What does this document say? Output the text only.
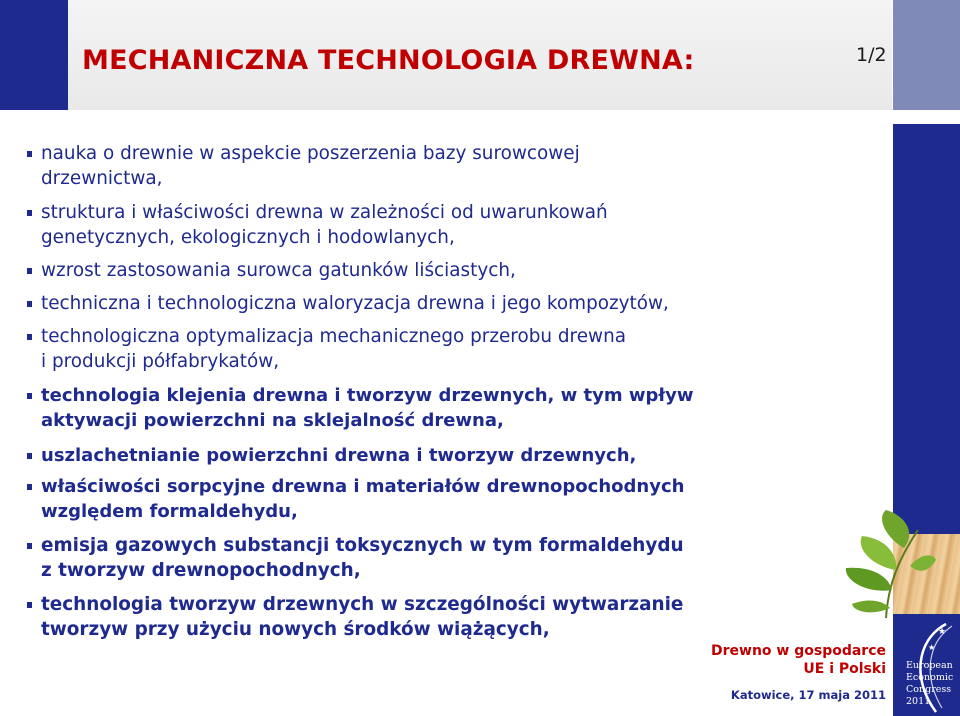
MECHANICZNA TECHNOLOGIA DREWNA:	1/2
★
★
European
Economic
Congress
2011

nauka o drewnie w aspekcie poszerzenia bazy surowcowej
drzewnictwa,

struktura i właściwości drewna w zależności od uwarunkowań
genetycznych, ekologicznych i hodowlanych,

wzrost zastosowania surowca gatunków liściastych,

techniczna i technologiczna waloryzacja drewna i jego kompozytów,

technologiczna optymalizacja mechanicznego przerobu drewna
i produkcji półfabrykatów,

technologia klejenia drewna i tworzyw drzewnych, w tym wpływ
aktywacji powierzchni na sklejalność drewna,

uszlachetnianie powierzchni drewna i tworzyw drzewnych,

właściwości sorpcyjne drewna i materiałów drewnopochodnych
względem formaldehydu,

emisja gazowych substancji toksycznych w tym formaldehydu
z tworzyw drewnopochodnych,

technologia tworzyw drzewnych w szczególności wytwarzanie
tworzyw przy użyciu nowych środków wiążących,

Drewno w gospodarce
UE i Polski
Katowice, 17 maja 2011
